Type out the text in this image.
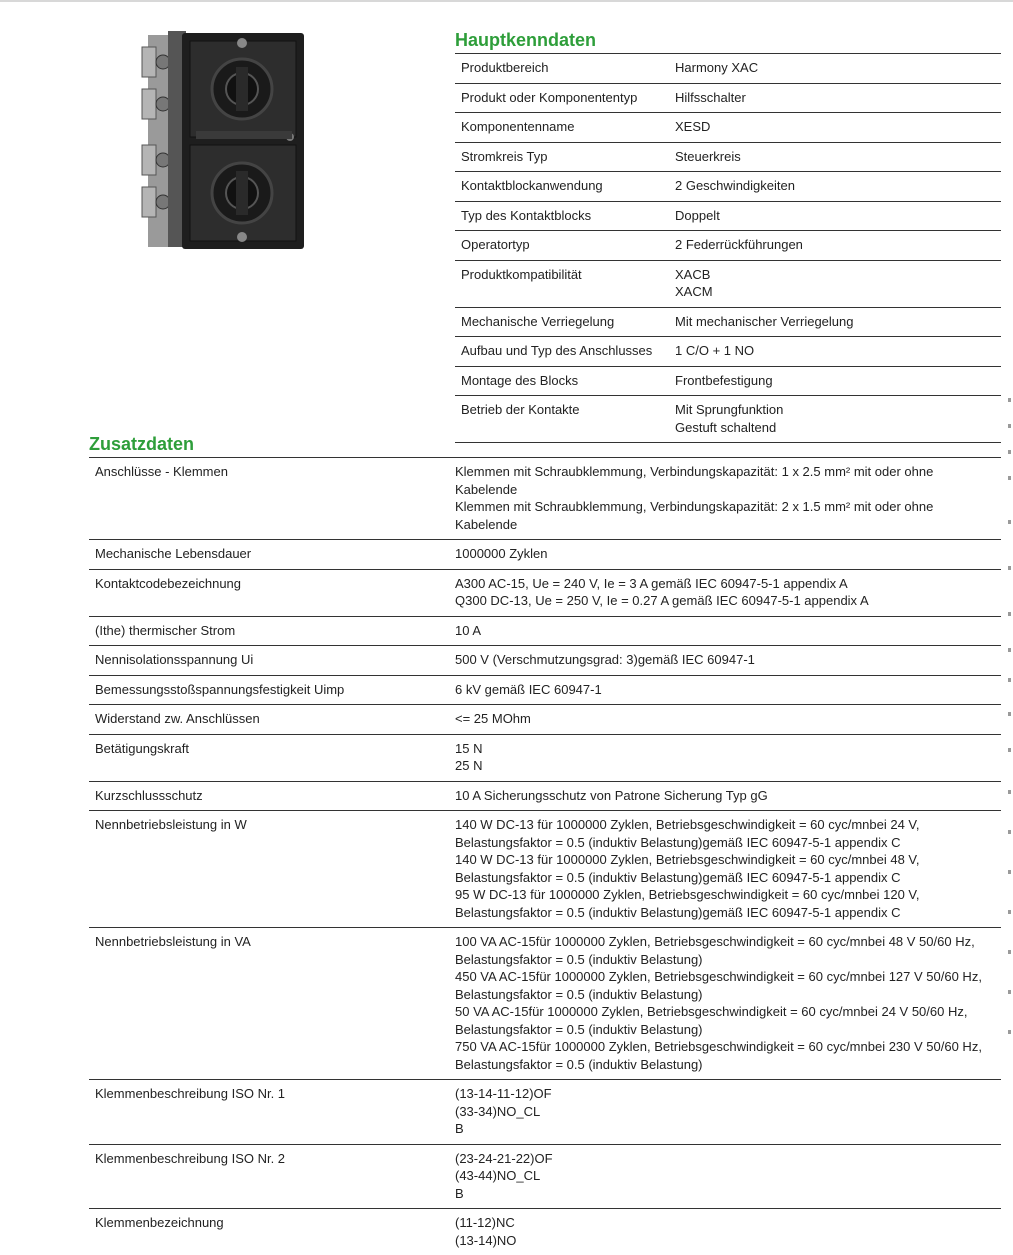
Hauptkenndaten
Produktbereich	Harmony XAC

Produkt oder Komponententyp	Hilfsschalter

Komponentenname	XESD

Stromkreis Typ	Steuerkreis

Kontaktblockanwendung	2 Geschwindigkeiten

Typ des Kontaktblocks	Doppelt

Operatortyp	2 Federrückführungen

Produktkompatibilität	XACB
XACM

Mechanische Verriegelung	Mit mechanischer Verriegelung

Aufbau und Typ des Anschlusses	1 C/O + 1 NO

Montage des Blocks	Frontbefestigung

Betrieb der Kontakte	Mit Sprungfunktion
Gestuft schaltend
Zusatzdaten
Anschlüsse - Klemmen	Klemmen mit Schraubklemmung, Verbindungskapazität: 1 x 2.5 mm² mit oder ohne Kabelende
Klemmen mit Schraubklemmung, Verbindungskapazität: 2 x 1.5 mm² mit oder ohne Kabelende

Mechanische Lebensdauer	1000000 Zyklen

Kontaktcodebezeichnung	A300 AC-15, Ue = 240 V, Ie = 3 A gemäß IEC 60947-5-1 appendix A
Q300 DC-13, Ue = 250 V, Ie = 0.27 A gemäß IEC 60947-5-1 appendix A

(Ithe) thermischer Strom	10 A

Nennisolationsspannung Ui	500 V (Verschmutzungsgrad: 3)gemäß IEC 60947-1

Bemessungsstoßspannungsfestigkeit Uimp	6 kV gemäß IEC 60947-1

Widerstand zw. Anschlüssen	<= 25 MOhm

Betätigungskraft	15 N
25 N

Kurzschlussschutz	10 A Sicherungsschutz von Patrone Sicherung Typ gG

Nennbetriebsleistung in W	140 W DC-13 für 1000000 Zyklen, Betriebsgeschwindigkeit = 60 cyc/mnbei 24 V, Belastungsfaktor = 0.5 (induktiv Belastung)gemäß IEC 60947-5-1 appendix C
140 W DC-13 für 1000000 Zyklen, Betriebsgeschwindigkeit = 60 cyc/mnbei 48 V, Belastungsfaktor = 0.5 (induktiv Belastung)gemäß IEC 60947-5-1 appendix C
95 W DC-13 für 1000000 Zyklen, Betriebsgeschwindigkeit = 60 cyc/mnbei 120 V, Belastungsfaktor = 0.5 (induktiv Belastung)gemäß IEC 60947-5-1 appendix C

Nennbetriebsleistung in VA	100 VA AC-15für 1000000 Zyklen, Betriebsgeschwindigkeit = 60 cyc/mnbei 48 V 50/60 Hz, Belastungsfaktor = 0.5 (induktiv Belastung)
450 VA AC-15für 1000000 Zyklen, Betriebsgeschwindigkeit = 60 cyc/mnbei 127 V 50/60 Hz, Belastungsfaktor = 0.5 (induktiv Belastung)
50 VA AC-15für 1000000 Zyklen, Betriebsgeschwindigkeit = 60 cyc/mnbei 24 V 50/60 Hz, Belastungsfaktor = 0.5 (induktiv Belastung)
750 VA AC-15für 1000000 Zyklen, Betriebsgeschwindigkeit = 60 cyc/mnbei 230 V 50/60 Hz, Belastungsfaktor = 0.5 (induktiv Belastung)

Klemmenbeschreibung ISO Nr. 1	(13-14-11-12)OF
(33-34)NO_CL
B

Klemmenbeschreibung ISO Nr. 2	(23-24-21-22)OF
(43-44)NO_CL
B

Klemmenbezeichnung	(11-12)NC
(13-14)NO
